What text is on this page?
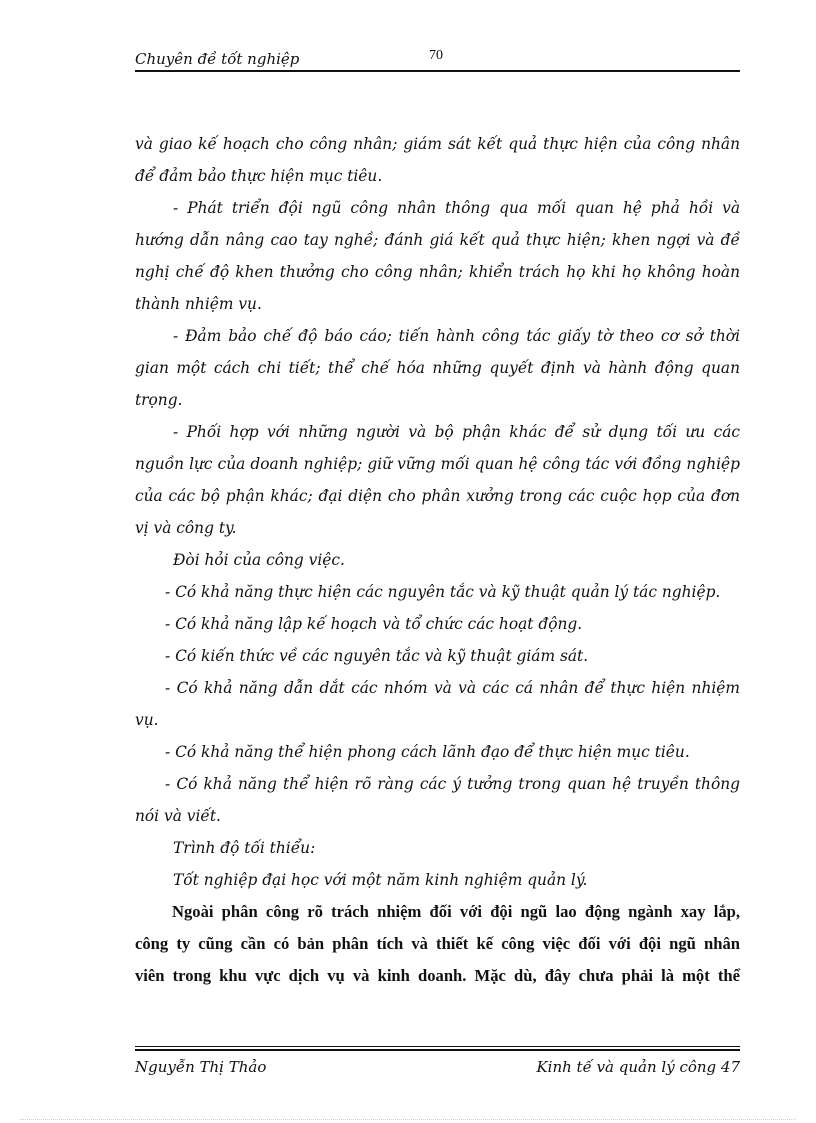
Chuyên đề tốt nghiệp	70
và giao kế hoạch cho công nhân; giám sát kết quả thực hiện của công nhân
để đảm bảo thực hiện mục tiêu.
- Phát triển đội ngũ công nhân thông qua mối quan hệ phả hồi và
hướng dẫn nâng cao tay nghề; đánh giá kết quả thực hiện; khen ngợi và đề
nghị chế độ khen thưởng cho công nhân; khiển trách họ khi họ không hoàn
thành nhiệm vụ.
- Đảm bảo chế độ báo cáo; tiến hành công tác giấy tờ theo cơ sở thời
gian một cách chi tiết; thể chế hóa những quyết định và hành động quan
trọng.
- Phối hợp với những người và bộ phận khác để sử dụng tối ưu các
nguồn lực của doanh nghiệp; giữ vững mối quan hệ công tác với đồng nghiệp
của các bộ phận khác; đại diện cho phân xưởng trong các cuộc họp của đơn
vị và công ty.
Đòi hỏi của công việc.
- Có khả năng thực hiện các nguyên tắc và kỹ thuật quản lý tác nghiệp.
- Có khả năng lập kế hoạch và tổ chức các hoạt động.
- Có kiến thức về các nguyên tắc và kỹ thuật giám sát.
- Có khả năng dẫn dắt các nhóm và và các cá nhân để thực hiện nhiệm
vụ.
- Có khả năng thể hiện phong cách lãnh đạo để thực hiện mục tiêu.
- Có khả năng thể hiện rõ ràng các ý tưởng trong quan hệ truyền thông
nói và viết.
Trình độ tối thiểu:
Tốt nghiệp đại học với một năm kinh nghiệm quản lý.
Ngoài phân công rõ trách nhiệm đối với đội ngũ lao động ngành xay lắp,
công ty cũng cần có bản phân tích và thiết kế công việc đối với đội ngũ nhân
viên trong khu vực dịch vụ và kinh doanh. Mặc dù, đây chưa phải là một thể
Nguyễn Thị Thảo	Kinh tế và quản lý công 47
